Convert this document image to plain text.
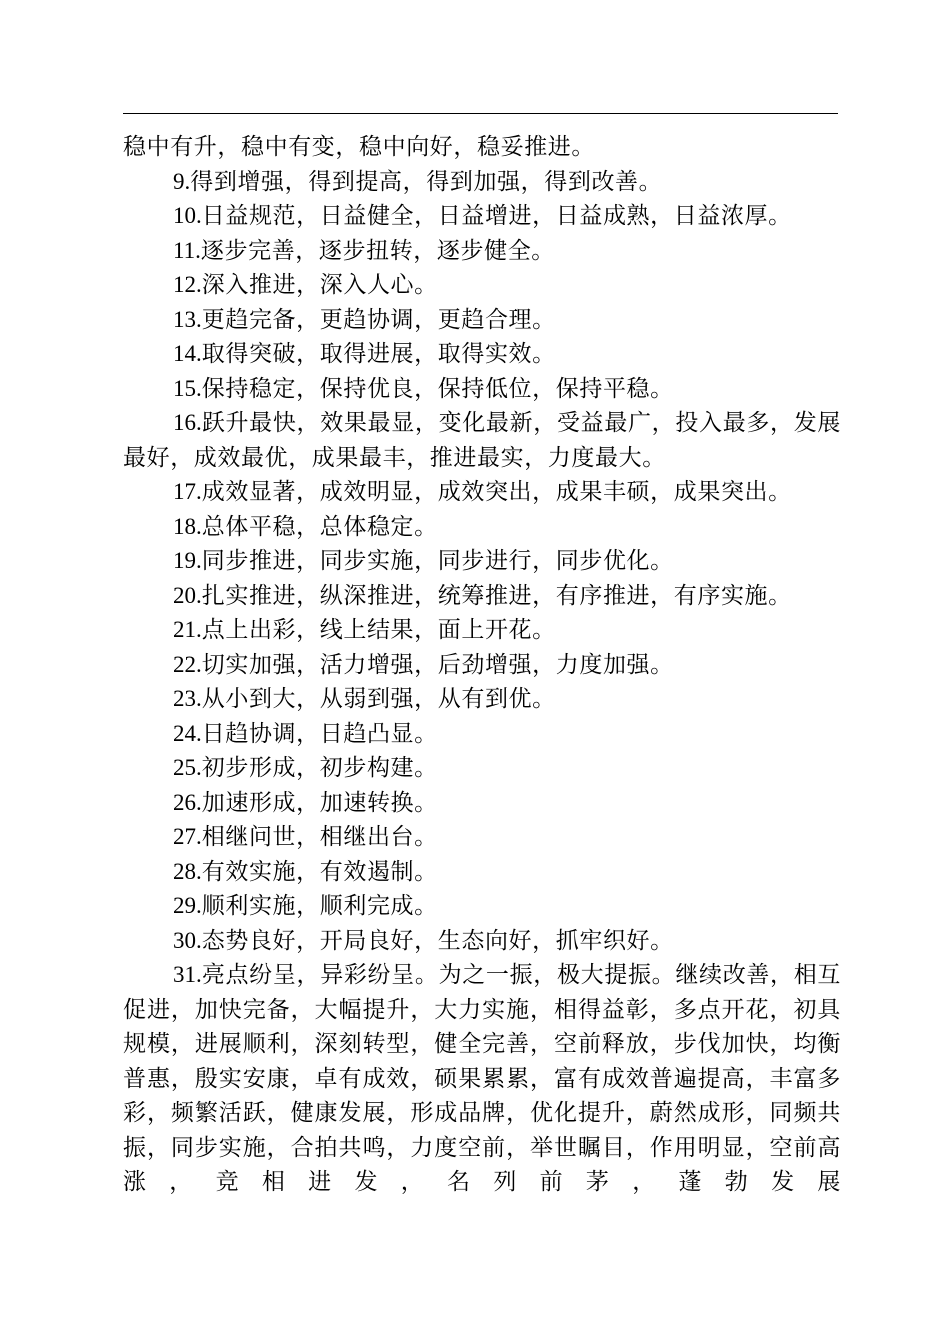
稳中有升，稳中有变，稳中向好，稳妥推进。

9.得到增强，得到提高，得到加强，得到改善。

10.日益规范，日益健全，日益增进，日益成熟，日益浓厚。

11.逐步完善，逐步扭转，逐步健全。

12.深入推进，深入人心。

13.更趋完备，更趋协调，更趋合理。

14.取得突破，取得进展，取得实效。

15.保持稳定，保持优良，保持低位，保持平稳。

16.跃升最快，效果最显，变化最新，受益最广，投入最多，发展最好，成效最优，成果最丰，推进最实，力度最大。

17.成效显著，成效明显，成效突出，成果丰硕，成果突出。

18.总体平稳，总体稳定。

19.同步推进，同步实施，同步进行，同步优化。

20.扎实推进，纵深推进，统筹推进，有序推进，有序实施。

21.点上出彩，线上结果，面上开花。

22.切实加强，活力增强，后劲增强，力度加强。

23.从小到大，从弱到强，从有到优。

24.日趋协调，日趋凸显。

25.初步形成，初步构建。

26.加速形成，加速转换。

27.相继问世，相继出台。

28.有效实施，有效遏制。

29.顺利实施，顺利完成。

30.态势良好，开局良好，生态向好，抓牢织好。

31.亮点纷呈，异彩纷呈。为之一振，极大提振。继续改善，相互促进，加快完备，大幅提升，大力实施，相得益彰，多点开花，初具规模，进展顺利，深刻转型，健全完善，空前释放，步伐加快，均衡普惠，殷实安康，卓有成效，硕果累累，富有成效普遍提高，丰富多彩，频繁活跃，健康发展，形成品牌，优化提升，蔚然成形，同频共振，同步实施，合拍共鸣，力度空前，举世瞩目，作用明显，空前高涨，竞相进发，名列前茅，蓬勃发展
